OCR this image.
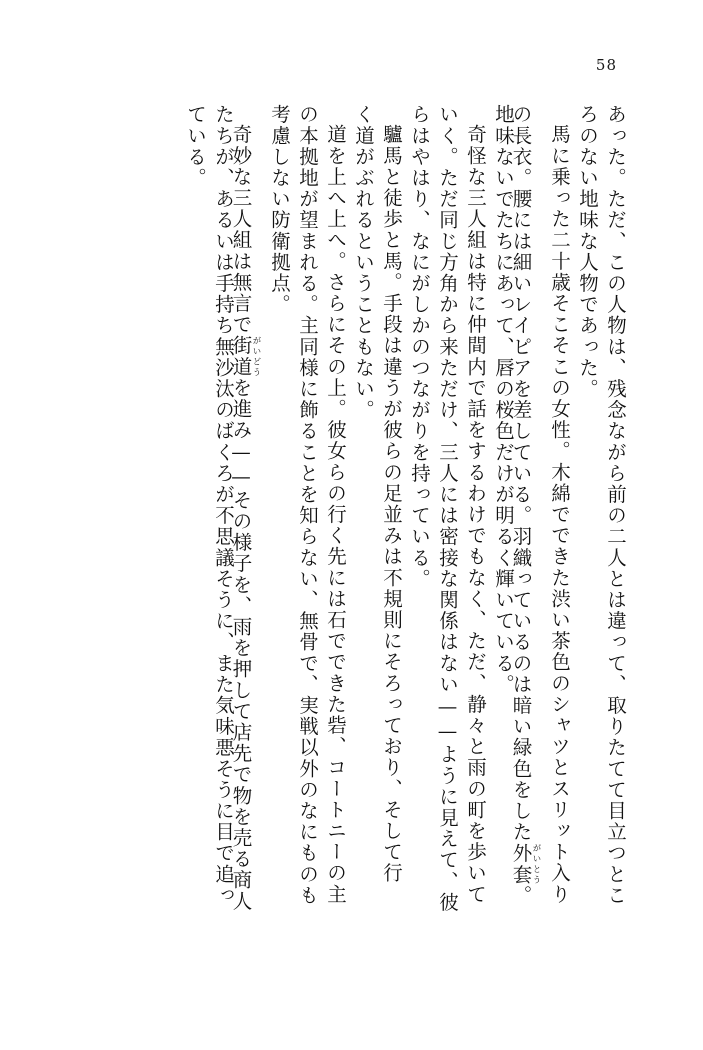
58
あった。ただ、この人物は、残念ながら前の二人とは違って、取りたてて目立つとこ
ろのない地味な人物であった。
馬に乗った二十歳そこそこの女性。木綿でできた渋い茶色のシャツとスリット入り
の長衣。腰には細いレイピアを差している。羽織っているのは暗い緑色をした外套がいとう。
地味ないでたちにあって、唇の桜色だけが明るく輝いている。
奇怪な三人組は特に仲間内で話をするわけでもなく、ただ、静々と雨の町を歩いて
いく。ただ同じ方角から来ただけ、三人には密接な関係はない——ように見えて、彼
らはやはり、なにがしかのつながりを持っている。
驢馬と徒歩と馬。手段は違うが彼らの足並みは不規則にそろっており、そして行
く道がぶれるということもない。
道を上へ上へ。さらにその上。彼女らの行く先には石でできた砦、コートニーの主
の本拠地が望まれる。主同様に飾ることを知らない、無骨で、実戦以外のなにものも
考慮しない防衛拠点。
奇妙な三人組は無言で街道がいどうを進み——その様子を、雨を押して店先で物を売る商人
たちが、あるいは手持ち無沙汰のばくろが不思議そうに、また気味悪そうに目で追っ
ている。
